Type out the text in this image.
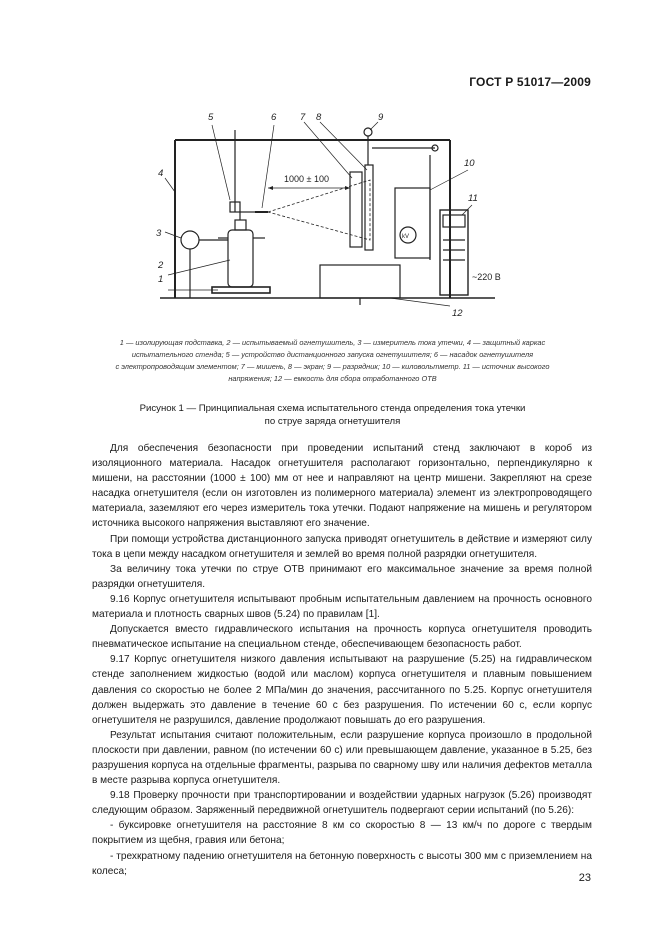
ГОСТ Р 51017—2009
5	6 7 8	9
10
11
4
3
2
1
12
1000 ± 100
~220 В
kV
1 — изолирующая подставка, 2 — испытываемый огнетушитель, 3 — измеритель тока утечки, 4 — защитный каркас
испытательного стенда; 5 — устройство дистанционного запуска огнетушителя; 6 — насадок огнетушителя
с электропроводящим элементом; 7 — мишень, 8 — экран; 9 — разрядник; 10 — киловольтметр. 11 — источник высокого
напряжения; 12 — емкость для сбора отработанного ОТВ
Рисунок 1 — Принципиальная схема испытательного стенда определения тока утечки
по струе заряда огнетушителя

Для обеспечения безопасности при проведении испытаний стенд заключают в короб из изоляционного материала. Насадок огнетушителя располагают горизонтально, перпендикулярно к мишени, на расстоянии (1000 ± 100) мм от нее и направляют на центр мишени. Закрепляют на срезе насадка огнетушителя (если он изготовлен из полимерного материала) элемент из электропроводящего материала, заземляют его через измеритель тока утечки. Подают напряжение на мишень и регулятором источника высокого напряжения выставляют его значение.

При помощи устройства дистанционного запуска приводят огнетушитель в действие и измеряют силу тока в цепи между насадком огнетушителя и землей во время полной разрядки огнетушителя.

За величину тока утечки по струе ОТВ принимают его максимальное значение за время полной разрядки огнетушителя.

9.16 Корпус огнетушителя испытывают пробным испытательным давлением на прочность основного материала и плотность сварных швов (5.24) по правилам [1].

Допускается вместо гидравлического испытания на прочность корпуса огнетушителя проводить пневматическое испытание на специальном стенде, обеспечивающем безопасность работ.

9.17 Корпус огнетушителя низкого давления испытывают на разрушение (5.25) на гидравлическом стенде заполнением жидкостью (водой или маслом) корпуса огнетушителя и плавным повышением давления со скоростью не более 2 МПа/мин до значения, рассчитанного по 5.25. Корпус огнетушителя должен выдержать это давление в течение 60 с без разрушения. По истечении 60 с, если корпус огнетушителя не разрушился, давление продолжают повышать до его разрушения.

Результат испытания считают положительным, если разрушение корпуса произошло в продольной плоскости при давлении, равном (по истечении 60 с) или превышающем давление, указанное в 5.25, без разрушения корпуса на отдельные фрагменты, разрыва по сварному шву или наличия дефектов металла в месте разрыва корпуса огнетушителя.

9.18 Проверку прочности при транспортировании и воздействии ударных нагрузок (5.26) производят следующим образом. Заряженный передвижной огнетушитель подвергают серии испытаний (по 5.26):

- буксировке огнетушителя на расстояние 8 км со скоростью 8 — 13 км/ч по дороге с твердым покрытием из щебня, гравия или бетона;

- трехкратному падению огнетушителя на бетонную поверхность с высоты 300 мм с приземлением на колеса;

23
